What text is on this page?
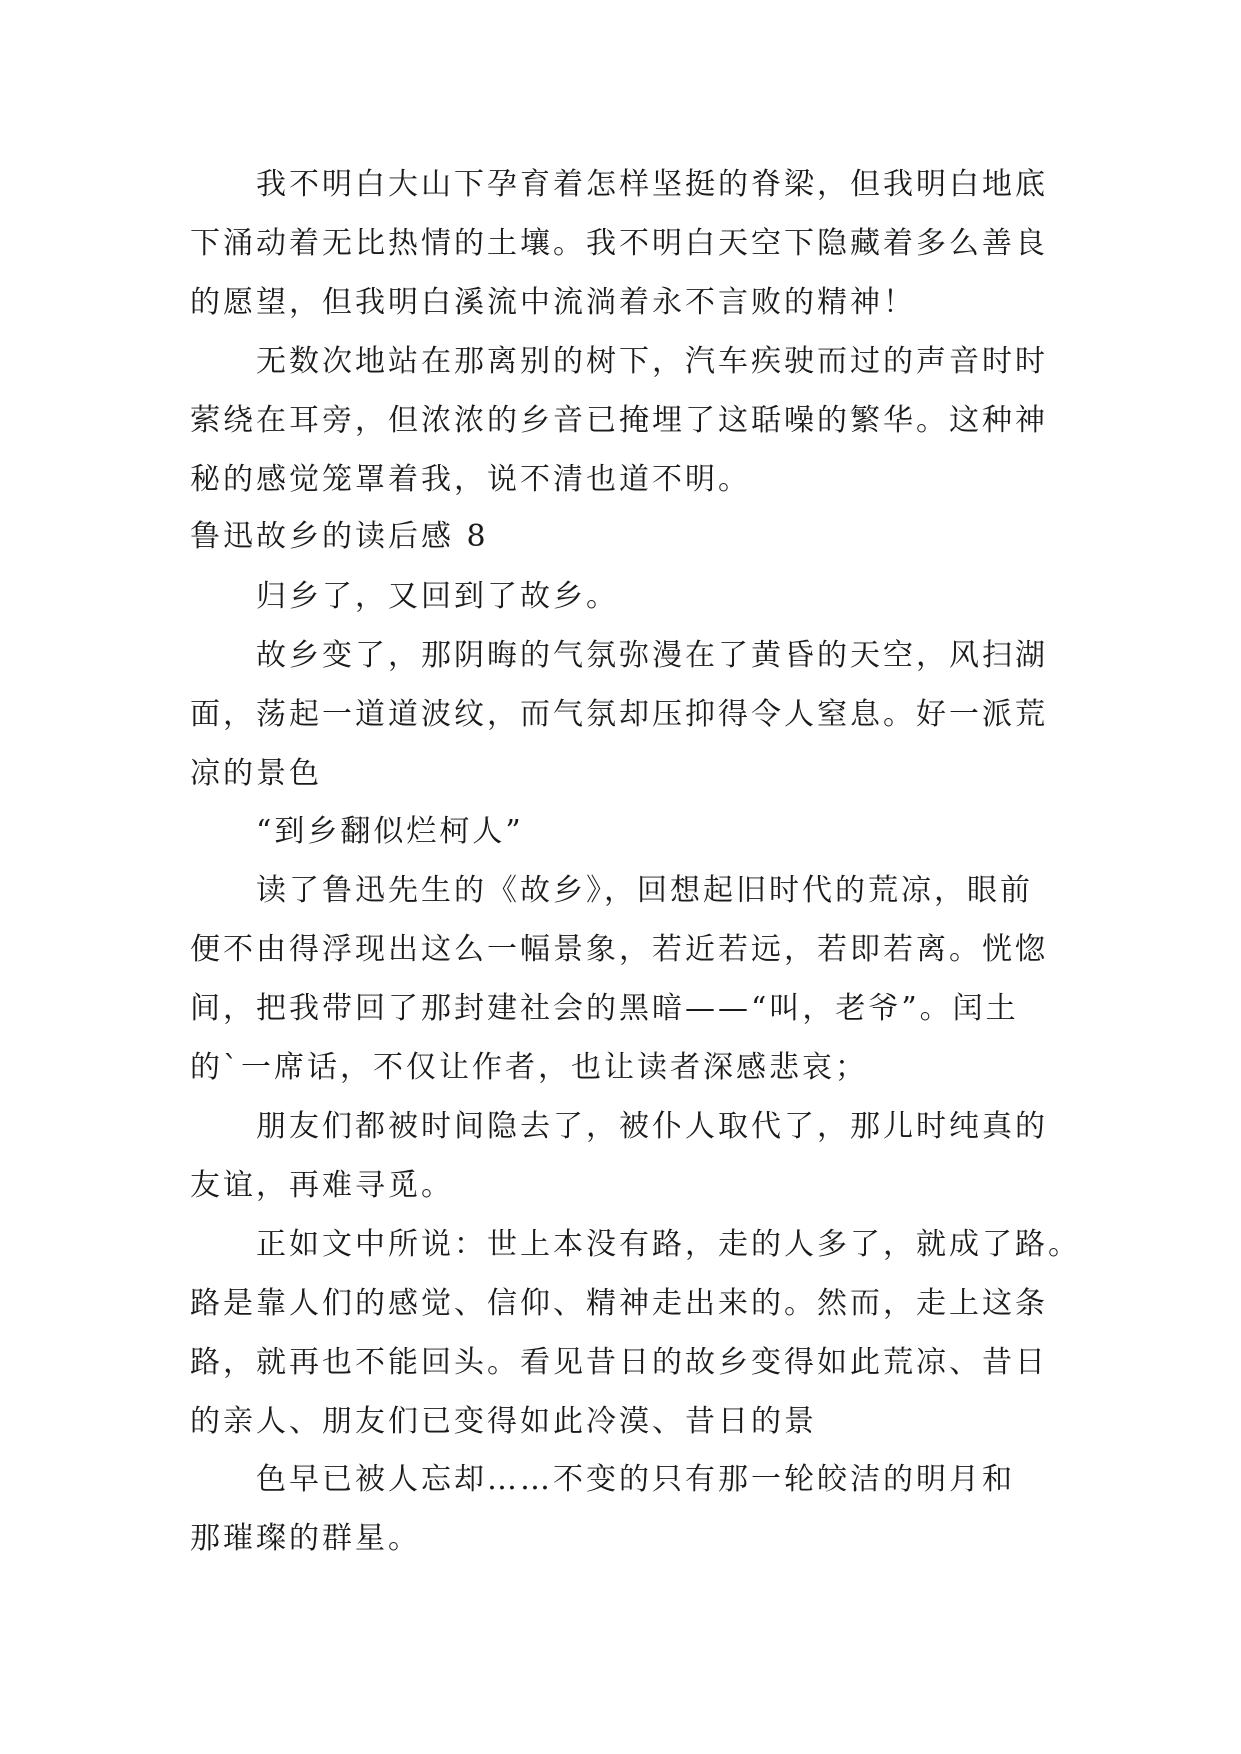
我不明白大山下孕育着怎样坚挺的脊梁，但我明白地底
下涌动着无比热情的土壤。我不明白天空下隐藏着多么善良
的愿望，但我明白溪流中流淌着永不言败的精神！
无数次地站在那离别的树下，汽车疾驶而过的声音时时
萦绕在耳旁，但浓浓的乡音已掩埋了这聒噪的繁华。这种神
秘的感觉笼罩着我，说不清也道不明。
鲁迅故乡的读后感 8
归乡了，又回到了故乡。
故乡变了，那阴晦的气氛弥漫在了黄昏的天空，风扫湖
面，荡起一道道波纹，而气氛却压抑得令人窒息。好一派荒
凉的景色
“到乡翻似烂柯人”
读了鲁迅先生的《故乡》，回想起旧时代的荒凉，眼前
便不由得浮现出这么一幅景象，若近若远，若即若离。恍惚
间，把我带回了那封建社会的黑暗——“叫，老爷”。闰土
的`一席话，不仅让作者，也让读者深感悲哀；
朋友们都被时间隐去了，被仆人取代了，那儿时纯真的
友谊，再难寻觅。
正如文中所说：世上本没有路，走的人多了，就成了路。
路是靠人们的感觉、信仰、精神走出来的。然而，走上这条
路，就再也不能回头。看见昔日的故乡变得如此荒凉、昔日
的亲人、朋友们已变得如此冷漠、昔日的景
色早已被人忘却……不变的只有那一轮皎洁的明月和
那璀璨的群星。
